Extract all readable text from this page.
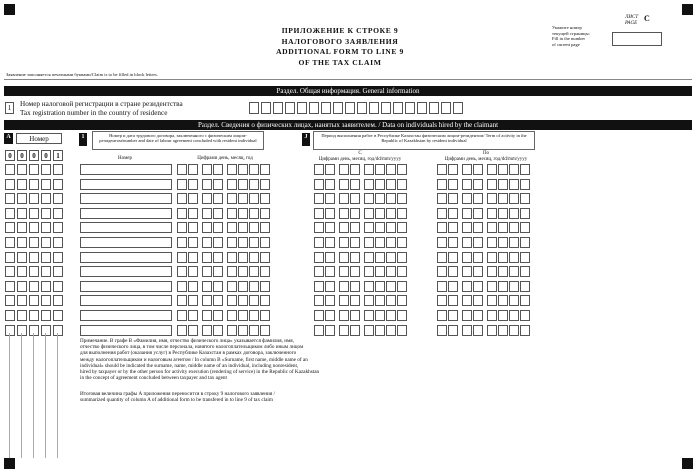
ПРИЛОЖЕНИЕ К СТРОКЕ 9
НАЛОГОВОГО ЗАЯВЛЕНИЯ
ADDITIONAL FORM TO LINE 9
OF THE TAX CLAIM
Укажите номер
текущей страницы:
Fill in the number
of current page
ЛИСТ
PAGE С
Заявление заполняется печатными буквами/Claim is to be filled in block letters.
Раздел. Общая информация. General information
1	Номер налоговой регистрации в стране резидентства
Tax registration number in the country of residence
Раздел. Сведения о физических лицах, нанятых заявителем. / Data on individuals hired by the claimant
A	Номер
0	0	0	0	1
1	Номер и дата трудового договора, заключенного с физическим лицом-резидентом/number and date of labour agreement concluded with resident individual
Номер	Цифрами день, месяц, год
J	Период выполнения работ в Республике Казахстан физическим лицом-резидентом/ Term of activity in the Republic of Kazakhstan by resident individual
С
Цифрами день, месяц, год/dd/mm/yyyy
По
Цифрами день, месяц, год/dd/mm/yyyy
Примечание. В графе В «Фамилия, имя, отчество физического лица» указывается фамилия, имя,
отчество физического лица, в том числе персонала, нанятого налогоплательщиком либо иным лицом
для выполнения работ (оказания услуг) в Республике Казахстан в рамках договора, заключенного
между налогоплательщиком и налоговым агентом / In column B «Surname, first name, middle name of an
individual» should be indicated the surname, name, middle name of an individual, including nonresident,
hired by taxpayer or by the other person for activity execution (rendering of service) in the Republic of Kazakhstan
in the concept of agreement concluded between taxpayer and tax agent
Итоговая величина графы А приложения переносится в строку 9 налогового заявления /
summarized quantity of column A of additional form to be transfered in to line 9 of tax claim
